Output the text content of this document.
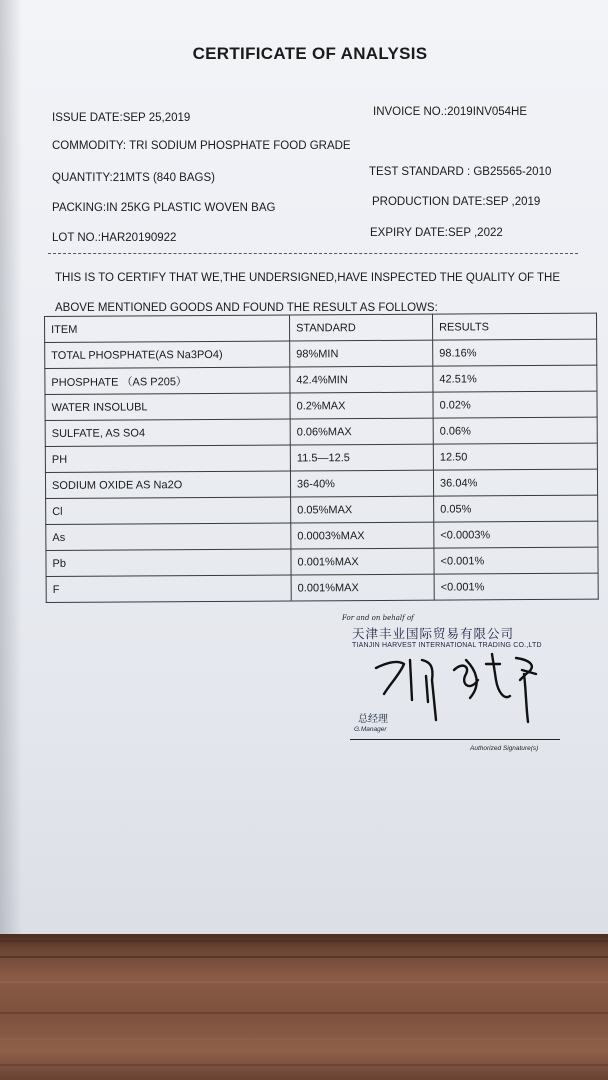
CERTIFICATE OF ANALYSIS
ISSUE DATE:SEP 25,2019	INVOICE NO.:2019INV054HE
COMMODITY: TRI SODIUM PHOSPHATE FOOD GRADE
QUANTITY:21MTS (840 BAGS)	TEST STANDARD : GB25565-2010
PACKING:IN 25KG PLASTIC WOVEN BAG	PRODUCTION DATE:SEP ,2019
LOT NO.:HAR20190922	EXPIRY DATE:SEP ,2022
THIS IS TO CERTIFY THAT WE,THE UNDERSIGNED,HAVE INSPECTED THE QUALITY OF THE
ABOVE MENTIONED GOODS AND FOUND THE RESULT AS FOLLOWS:
ITEM	STANDARD	RESULTS
TOTAL PHOSPHATE(AS Na3PO4)	98%MIN	98.16%
PHOSPHATE （AS P205）	42.4%MIN	42.51%
WATER INSOLUBL	0.2%MAX	0.02%
SULFATE, AS SO4	0.06%MAX	0.06%
PH	11.5—12.5	12.50
SODIUM OXIDE AS Na2O	36-40%	36.04%
Cl	0.05%MAX	0.05%
As	0.0003%MAX	<0.0003%
Pb	0.001%MAX	<0.001%
F	0.001%MAX	<0.001%
For and on behalf of
天津丰业国际贸易有限公司
TIANJIN HARVEST INTERNATIONAL TRADING CO.,LTD
总经理
G.Manager
Authorized Signature(s)
